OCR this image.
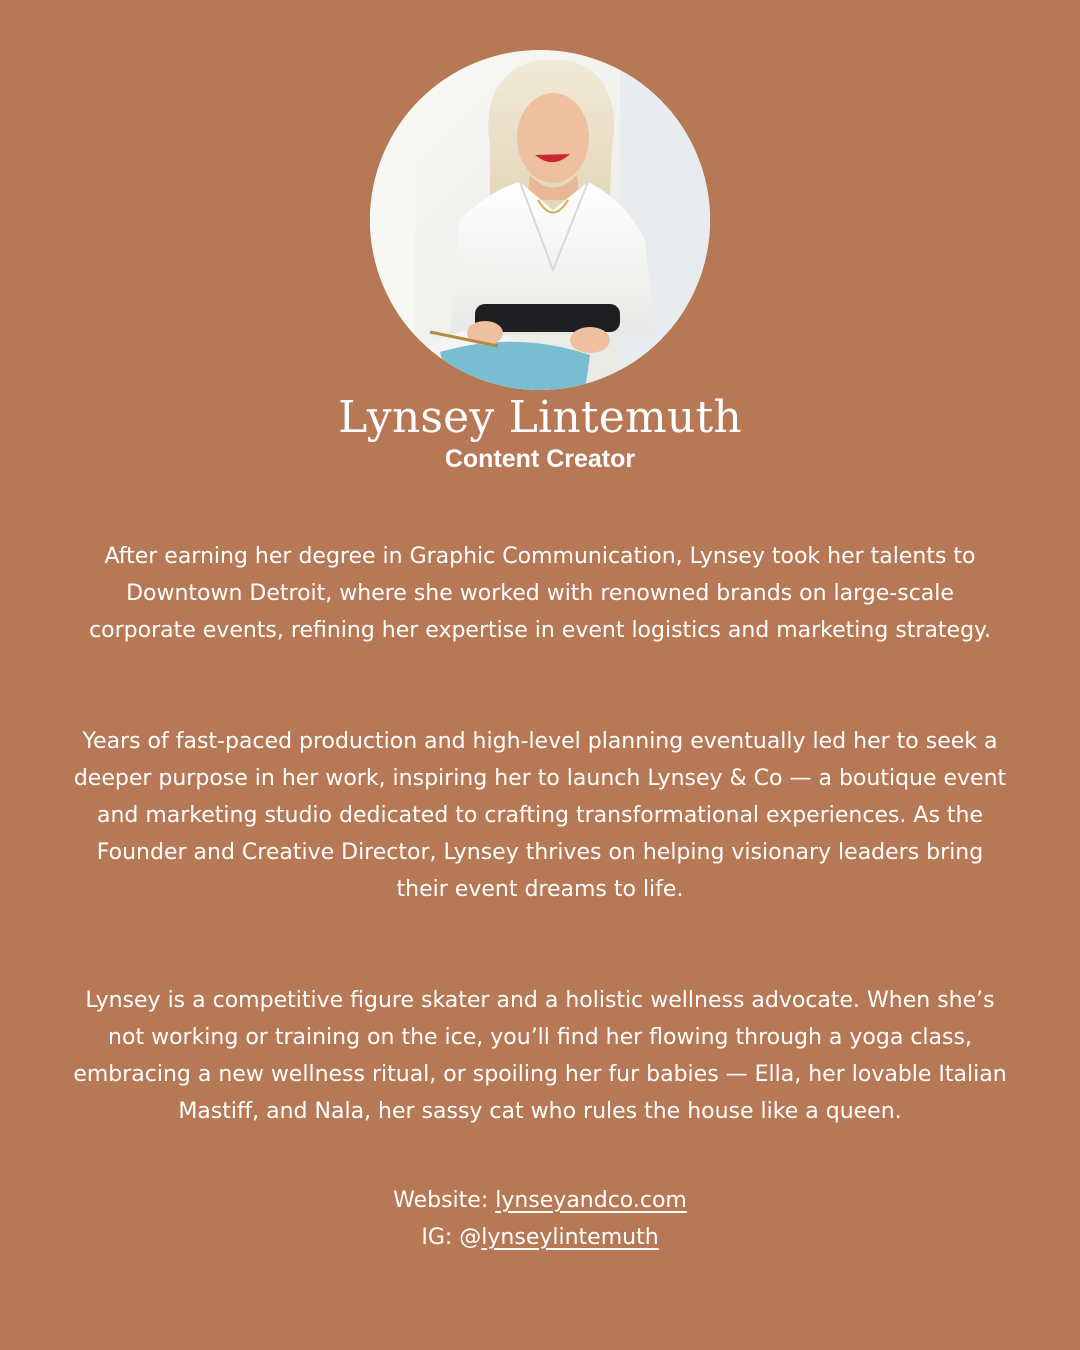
Lynsey Lintemuth
Content Creator

After earning her degree in Graphic Communication, Lynsey took her talents to Downtown Detroit, where she worked with renowned brands on large-scale corporate events, refining her expertise in event logistics and marketing strategy.

Years of fast-paced production and high-level planning eventually led her to seek a deeper purpose in her work, inspiring her to launch Lynsey & Co — a boutique event and marketing studio dedicated to crafting transformational experiences. As the Founder and Creative Director, Lynsey thrives on helping visionary leaders bring their event dreams to life.

Lynsey is a competitive figure skater and a holistic wellness advocate. When she’s not working or training on the ice, you’ll find her flowing through a yoga class, embracing a new wellness ritual, or spoiling her fur babies — Ella, her lovable Italian Mastiff, and Nala, her sassy cat who rules the house like a queen.

Website: lynseyandco.com
IG: @lynseylintemuth
